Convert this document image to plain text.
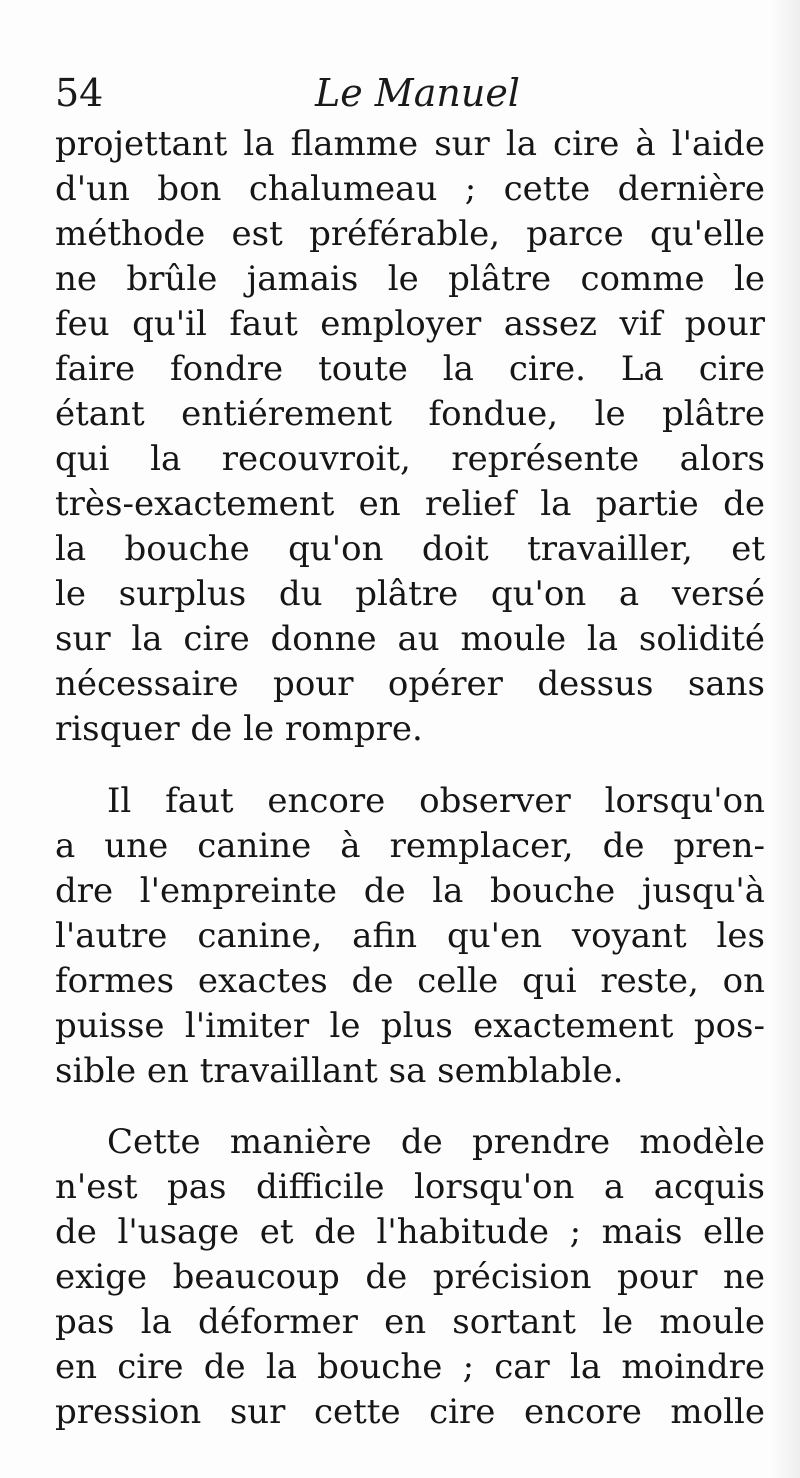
54	Le Manuel
projettant la flamme sur la cire à l'aide
d'un bon chalumeau ; cette dernière
méthode est préférable, parce qu'elle
ne brûle jamais le plâtre comme le
feu qu'il faut employer assez vif pour
faire fondre toute la cire. La cire
étant entiérement fondue, le plâtre
qui la recouvroit, représente alors
très-exactement en relief la partie de
la bouche qu'on doit travailler, et
le surplus du plâtre qu'on a versé
sur la cire donne au moule la solidité
nécessaire pour opérer dessus sans
risquer de le rompre.
Il faut encore observer lorsqu'on
a une canine à remplacer, de pren-
dre l'empreinte de la bouche jusqu'à
l'autre canine, afin qu'en voyant les
formes exactes de celle qui reste, on
puisse l'imiter le plus exactement pos-
sible en travaillant sa semblable.
Cette manière de prendre modèle
n'est pas difficile lorsqu'on a acquis
de l'usage et de l'habitude ; mais elle
exige beaucoup de précision pour ne
pas la déformer en sortant le moule
en cire de la bouche ; car la moindre
pression sur cette cire encore molle
